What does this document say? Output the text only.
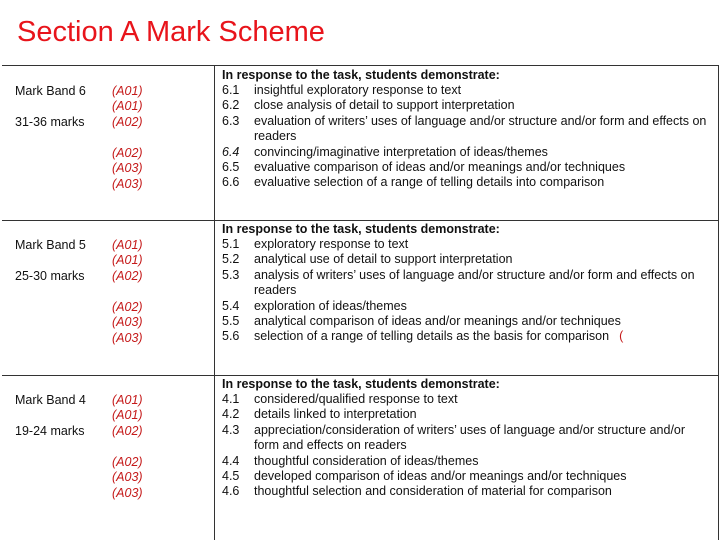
Section A Mark Scheme
Mark Band 6
31-36 marks
(A01)
(A01)
(A02)
(A02)
(A03)
(A03)
In response to the task, students demonstrate:
6.1 insightful exploratory response to text
6.2 close analysis of detail to support interpretation
6.3 evaluation of writers’ uses of language and/or structure and/or form and effects on readers
6.4 convincing/imaginative interpretation of ideas/themes
6.5 evaluative comparison of ideas and/or meanings and/or techniques
6.6 evaluative selection of a range of telling details into comparison
Mark Band 5
25-30 marks
(A01)
(A01)
(A02)
(A02)
(A03)
(A03)
In response to the task, students demonstrate:
5.1 exploratory response to text
5.2 analytical use of detail to support interpretation
5.3 analysis of writers’ uses of language and/or structure and/or form and effects on readers
5.4 exploration of ideas/themes
5.5 analytical comparison of ideas and/or meanings and/or techniques
5.6 selection of a range of telling details as the basis for comparison (
Mark Band 4
19-24 marks
(A01)
(A01)
(A02)
(A02)
(A03)
(A03)
In response to the task, students demonstrate:
4.1 considered/qualified response to text
4.2 details linked to interpretation
4.3 appreciation/consideration of writers’ uses of language and/or structure and/or form and effects on readers
4.4 thoughtful consideration of ideas/themes
4.5 developed comparison of ideas and/or meanings and/or techniques
4.6 thoughtful selection and consideration of material for comparison
